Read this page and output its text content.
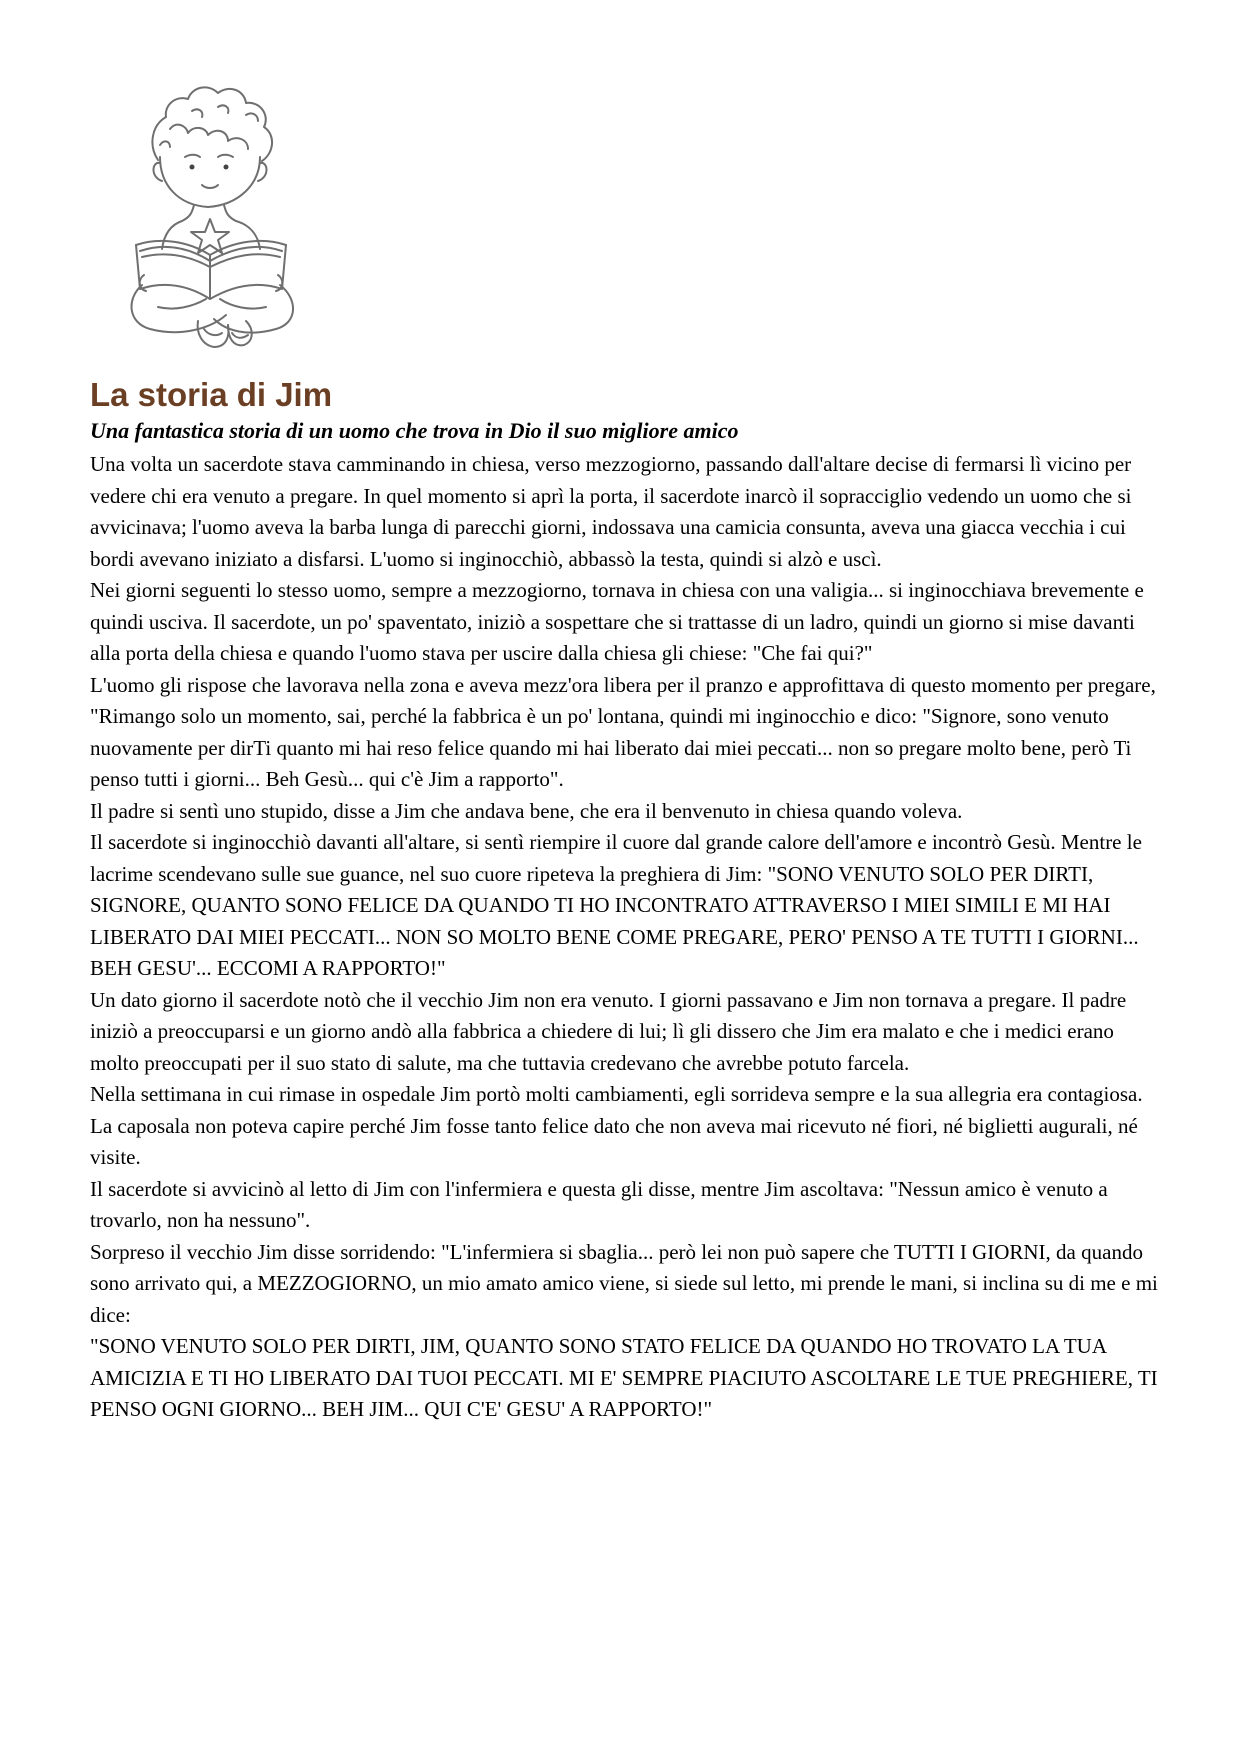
La storia di Jim

Una fantastica storia di un uomo che trova in Dio il suo migliore amico

Una volta un sacerdote stava camminando in chiesa, verso mezzogiorno, passando dall'altare decise di fermarsi lì vicino per vedere chi era venuto a pregare. In quel momento si aprì la porta, il sacerdote inarcò il sopracciglio vedendo un uomo che si avvicinava; l'uomo aveva la barba lunga di parecchi giorni, indossava una camicia consunta, aveva una giacca vecchia i cui bordi avevano iniziato a disfarsi. L'uomo si inginocchiò, abbassò la testa, quindi si alzò e uscì.

Nei giorni seguenti lo stesso uomo, sempre a mezzogiorno, tornava in chiesa con una valigia... si inginocchiava brevemente e quindi usciva. Il sacerdote, un po' spaventato, iniziò a sospettare che si trattasse di un ladro, quindi un giorno si mise davanti alla porta della chiesa e quando l'uomo stava per uscire dalla chiesa gli chiese: "Che fai qui?"

L'uomo gli rispose che lavorava nella zona e aveva mezz'ora libera per il pranzo e approfittava di questo momento per pregare, "Rimango solo un momento, sai, perché la fabbrica è un po' lontana, quindi mi inginocchio e dico: "Signore, sono venuto nuovamente per dirTi quanto mi hai reso felice quando mi hai liberato dai miei peccati... non so pregare molto bene, però Ti penso tutti i giorni... Beh Gesù... qui c'è Jim a rapporto".

Il padre si sentì uno stupido, disse a Jim che andava bene, che era il benvenuto in chiesa quando voleva.

Il sacerdote si inginocchiò davanti all'altare, si sentì riempire il cuore dal grande calore dell'amore e incontrò Gesù. Mentre le lacrime scendevano sulle sue guance, nel suo cuore ripeteva la preghiera di Jim: "SONO VENUTO SOLO PER DIRTI, SIGNORE, QUANTO SONO FELICE DA QUANDO TI HO INCONTRATO ATTRAVERSO I MIEI SIMILI E MI HAI LIBERATO DAI MIEI PECCATI... NON SO MOLTO BENE COME PREGARE, PERO' PENSO A TE TUTTI I GIORNI... BEH GESU'... ECCOMI A RAPPORTO!"

Un dato giorno il sacerdote notò che il vecchio Jim non era venuto. I giorni passavano e Jim non tornava a pregare. Il padre iniziò a preoccuparsi e un giorno andò alla fabbrica a chiedere di lui; lì gli dissero che Jim era malato e che i medici erano molto preoccupati per il suo stato di salute, ma che tuttavia credevano che avrebbe potuto farcela.

Nella settimana in cui rimase in ospedale Jim portò molti cambiamenti, egli sorrideva sempre e la sua allegria era contagiosa. La caposala non poteva capire perché Jim fosse tanto felice dato che non aveva mai ricevuto né fiori, né biglietti augurali, né visite.

Il sacerdote si avvicinò al letto di Jim con l'infermiera e questa gli disse, mentre Jim ascoltava: "Nessun amico è venuto a trovarlo, non ha nessuno".

Sorpreso il vecchio Jim disse sorridendo: "L'infermiera si sbaglia... però lei non può sapere che TUTTI I GIORNI, da quando sono arrivato qui, a MEZZOGIORNO, un mio amato amico viene, si siede sul letto, mi prende le mani, si inclina su di me e mi dice:

"SONO VENUTO SOLO PER DIRTI, JIM, QUANTO SONO STATO FELICE DA QUANDO HO TROVATO LA TUA AMICIZIA E TI HO LIBERATO DAI TUOI PECCATI. MI E' SEMPRE PIACIUTO ASCOLTARE LE TUE PREGHIERE, TI PENSO OGNI GIORNO... BEH JIM... QUI C'E' GESU' A RAPPORTO!"
